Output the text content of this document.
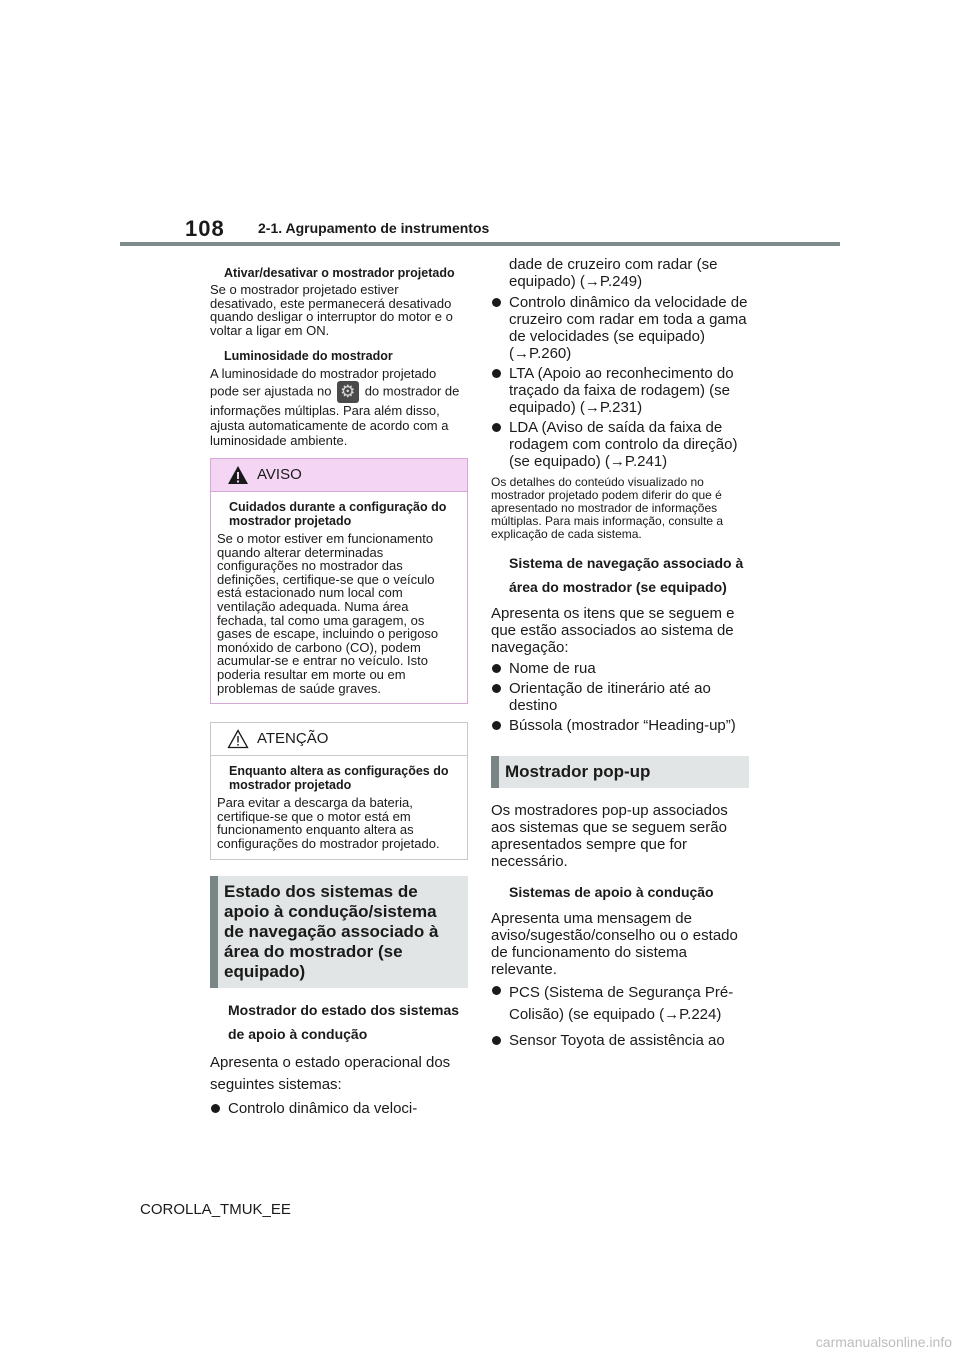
108 2-1. Agrupamento de instrumentos
Ativar/desativar o mostrador projetado

Se o mostrador projetado estiver desativado, este permanecerá desativado quando desligar o interruptor do motor e o voltar a ligar em ON.

Luminosidade do mostrador
A luminosidade do mostrador projetado pode ser ajustada no ⚙	do mostrador de informações múltiplas. Para além disso, ajusta automaticamente de acordo com a luminosidade ambiente.
AVISO
Cuidados durante a configuração do mostrador projetado

Se o motor estiver em funcionamento quando alterar determinadas configurações no mostrador das definições, certifique-se que o veículo está estacionado num local com ventilação adequada. Numa área fechada, tal como uma garagem, os gases de escape, incluindo o perigoso monóxido de carbono (CO), podem acumular-se e entrar no veículo. Isto poderia resultar em morte ou em problemas de saúde graves.

ATENÇÃO
Enquanto altera as configurações do mostrador projetado

Para evitar a descarga da bateria, certifique-se que o motor está em funcionamento enquanto altera as configurações do mostrador projetado.

Estado dos sistemas de apoio à condução/sistema de navegação associado à área do mostrador (se equipado)
Mostrador do estado dos sistemas de apoio à condução

Apresenta o estado operacional dos seguintes sistemas:

Controlo dinâmico da veloci-

dade de cruzeiro com radar (se equipado) (→P.249)

Controlo dinâmico da velocidade de cruzeiro com radar em toda a gama de velocidades (se equipado) (→P.260)
LTA (Apoio ao reconhecimento do traçado da faixa de rodagem) (se equipado) (→P.231)
LDA (Aviso de saída da faixa de rodagem com controlo da direção) (se equipado) (→P.241)

Os detalhes do conteúdo visualizado no mostrador projetado podem diferir do que é apresentado no mostrador de informações múltiplas. Para mais informação, consulte a explicação de cada sistema.

Sistema de navegação associado à área do mostrador (se equipado)

Apresenta os itens que se seguem e que estão associados ao sistema de navegação:

Nome de rua
Orientação de itinerário até ao destino
Bússola (mostrador “Heading-up”)
Mostrador pop-up

Os mostradores pop-up associados aos sistemas que se seguem serão apresentados sempre que for necessário.

Sistemas de apoio à condução

Apresenta uma mensagem de aviso/sugestão/conselho ou o estado de funcionamento do sistema relevante.

PCS (Sistema de Segurança Pré-Colisão) (se equipado (→P.224)
Sensor Toyota de assistência ao
COROLLA_TMUK_EE
carmanualsonline.info
